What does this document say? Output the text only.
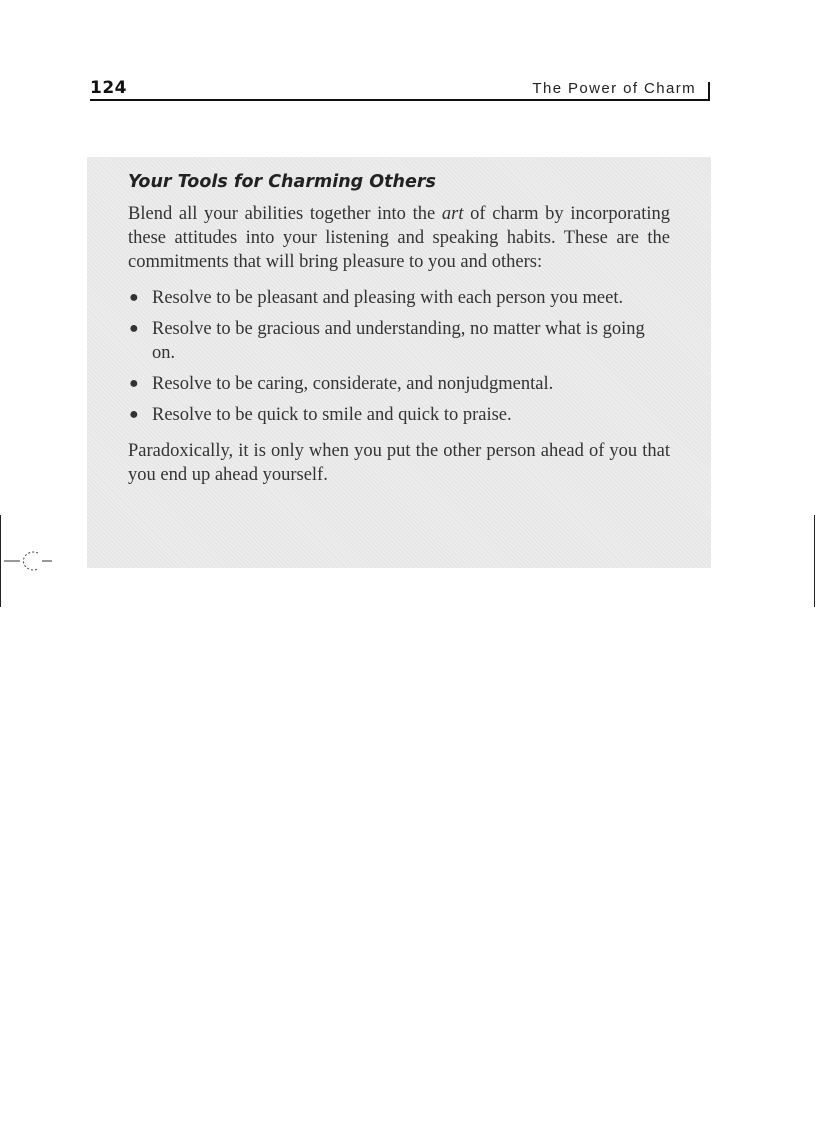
124	The Power of Charm
Your Tools for Charming Others

Blend all your abilities together into the art of charm by incorporating these attitudes into your listening and speaking habits. These are the commitments that will bring pleasure to you and others:

● Resolve to be pleasant and pleasing with each person you meet.
● Resolve to be gracious and understanding, no matter what is going on.
● Resolve to be caring, considerate, and nonjudgmental.
● Resolve to be quick to smile and quick to praise.

Paradoxically, it is only when you put the other person ahead of you that you end up ahead yourself.
